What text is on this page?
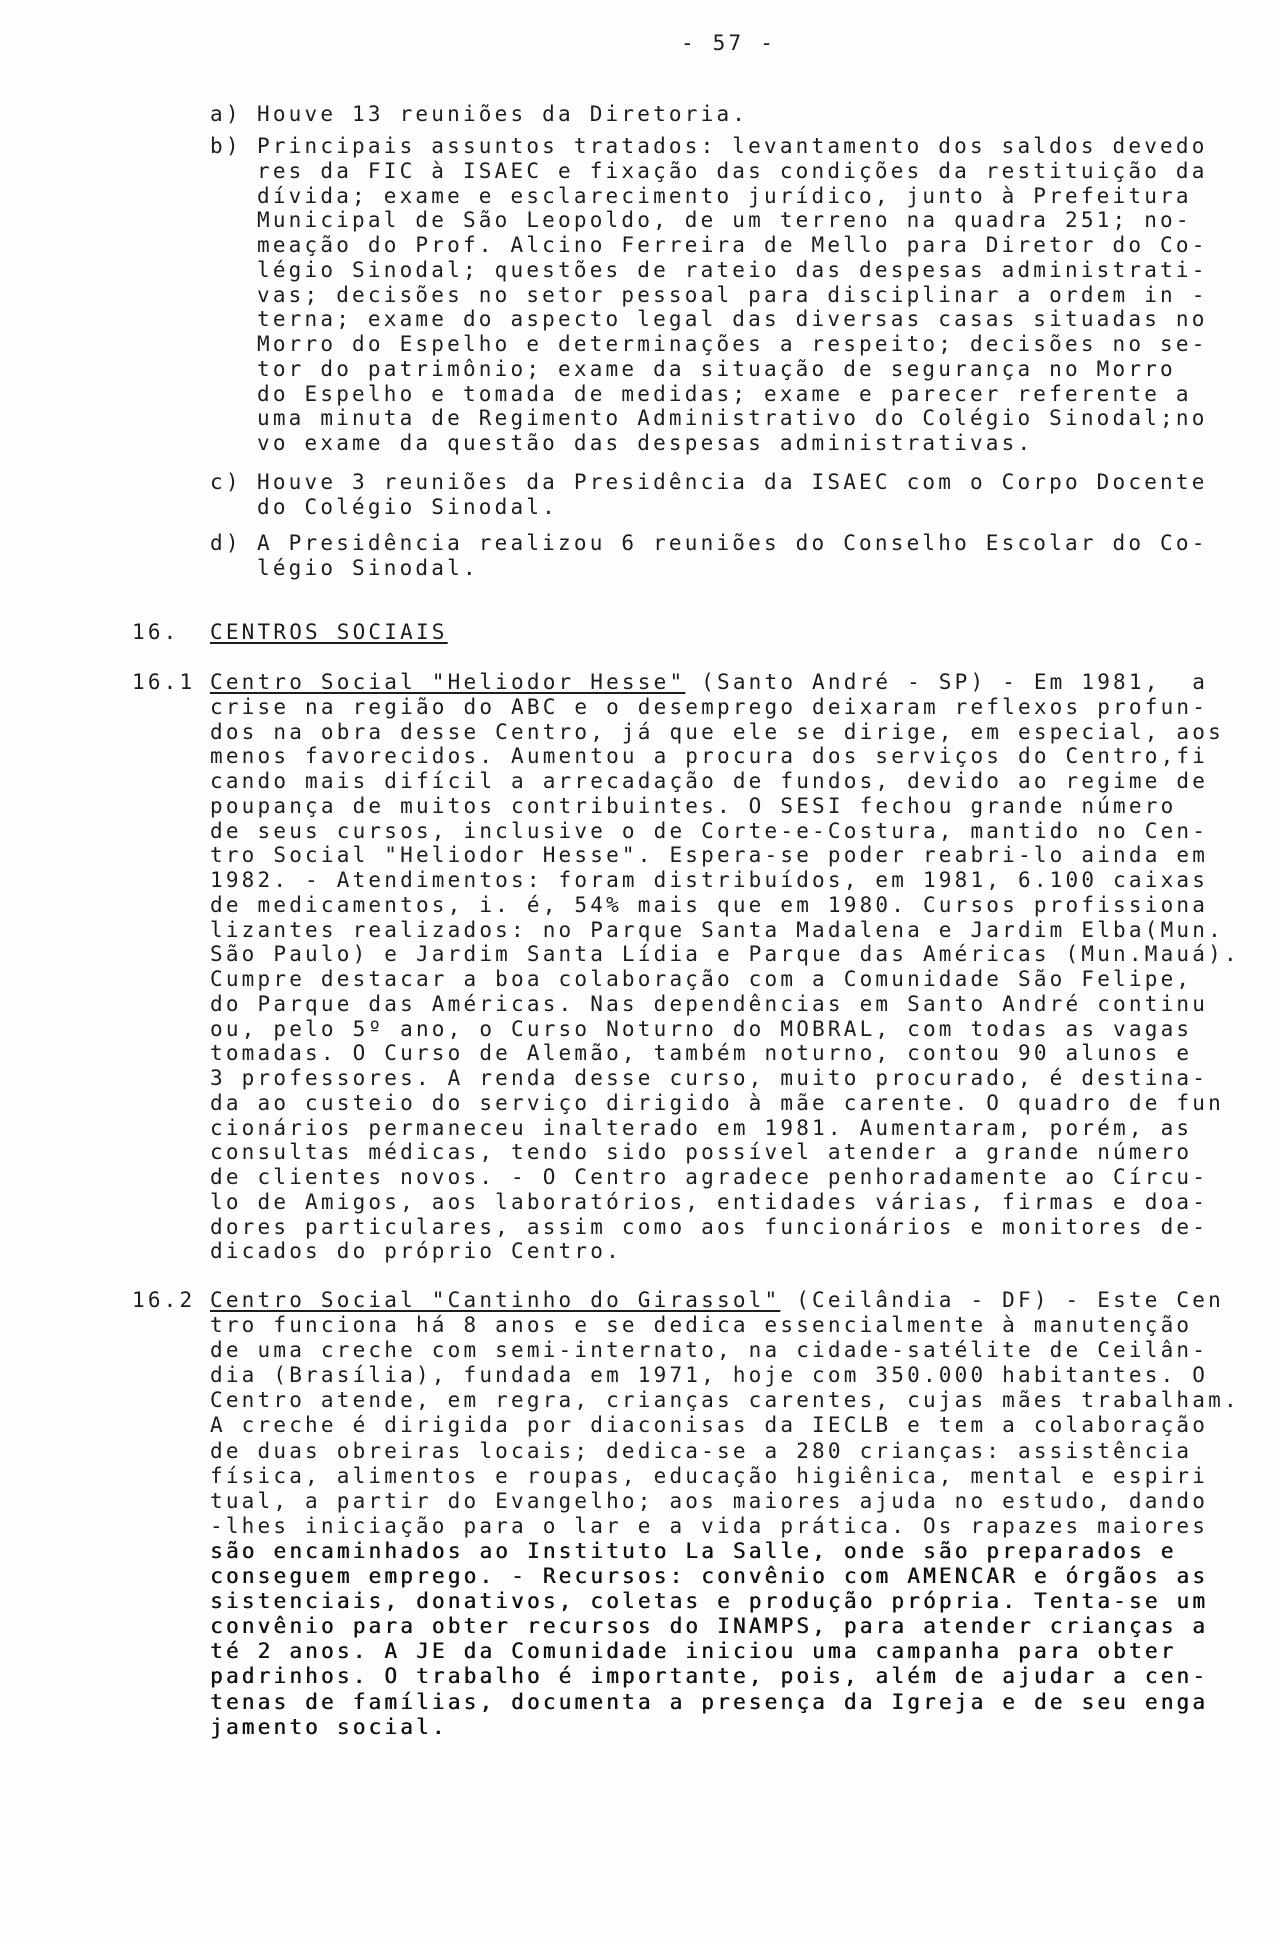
- 57 -
a) Houve 13 reuniões da Diretoria.
b) Principais assuntos tratados: levantamento dos saldos devedo
res da FIC à ISAEC e fixação das condições da restituição da
dívida; exame e esclarecimento jurídico, junto à Prefeitura
Municipal de São Leopoldo, de um terreno na quadra 251; no-
meação do Prof. Alcino Ferreira de Mello para Diretor do Co-
légio Sinodal; questões de rateio das despesas administrati-
vas; decisões no setor pessoal para disciplinar a ordem in -
terna; exame do aspecto legal das diversas casas situadas no
Morro do Espelho e determinações a respeito; decisões no se-
tor do patrimônio; exame da situação de segurança no Morro
do Espelho e tomada de medidas; exame e parecer referente a
uma minuta de Regimento Administrativo do Colégio Sinodal;no
vo exame da questão das despesas administrativas.
c) Houve 3 reuniões da Presidência da ISAEC com o Corpo Docente
do Colégio Sinodal.
d) A Presidência realizou 6 reuniões do Conselho Escolar do Co-
légio Sinodal.
16. CENTROS SOCIAIS
16.1 Centro Social "Heliodor Hesse" (Santo André - SP) - Em 1981,  a
crise na região do ABC e o desemprego deixaram reflexos profun-
dos na obra desse Centro, já que ele se dirige, em especial, aos
menos favorecidos. Aumentou a procura dos serviços do Centro,fi
cando mais difícil a arrecadação de fundos, devido ao regime de
poupança de muitos contribuintes. O SESI fechou grande número
de seus cursos, inclusive o de Corte-e-Costura, mantido no Cen-
tro Social "Heliodor Hesse". Espera-se poder reabri-lo ainda em
1982. - Atendimentos: foram distribuídos, em 1981, 6.100 caixas
de medicamentos, i. é, 54% mais que em 1980. Cursos profissiona
lizantes realizados: no Parque Santa Madalena e Jardim Elba(Mun.
São Paulo) e Jardim Santa Lídia e Parque das Américas (Mun.Mauá).
Cumpre destacar a boa colaboração com a Comunidade São Felipe,
do Parque das Américas. Nas dependências em Santo André continu
ou, pelo 5º ano, o Curso Noturno do MOBRAL, com todas as vagas
tomadas. O Curso de Alemão, também noturno, contou 90 alunos e
3 professores. A renda desse curso, muito procurado, é destina-
da ao custeio do serviço dirigido à mãe carente. O quadro de fun
cionários permaneceu inalterado em 1981. Aumentaram, porém, as
consultas médicas, tendo sido possível atender a grande número
de clientes novos. - O Centro agradece penhoradamente ao Círcu-
lo de Amigos, aos laboratórios, entidades várias, firmas e doa-
dores particulares, assim como aos funcionários e monitores de-
dicados do próprio Centro.
16.2 Centro Social "Cantinho do Girassol" (Ceilândia - DF) - Este Cen
tro funciona há 8 anos e se dedica essencialmente à manutenção
de uma creche com semi-internato, na cidade-satélite de Ceilân-
dia (Brasília), fundada em 1971, hoje com 350.000 habitantes. O
Centro atende, em regra, crianças carentes, cujas mães trabalham.
A creche é dirigida por diaconisas da IECLB e tem a colaboração
de duas obreiras locais; dedica-se a 280 crianças: assistência
física, alimentos e roupas, educação higiênica, mental e espiri
tual, a partir do Evangelho; aos maiores ajuda no estudo, dando
-lhes iniciação para o lar e a vida prática. Os rapazes maiores
são encaminhados ao Instituto La Salle, onde são preparados e
conseguem emprego. - Recursos: convênio com AMENCAR e órgãos as
sistenciais, donativos, coletas e produção própria. Tenta-se um
convênio para obter recursos do INAMPS, para atender crianças a
té 2 anos. A JE da Comunidade iniciou uma campanha para obter
padrinhos. O trabalho é importante, pois, além de ajudar a cen-
tenas de famílias, documenta a presença da Igreja e de seu enga
jamento social.
